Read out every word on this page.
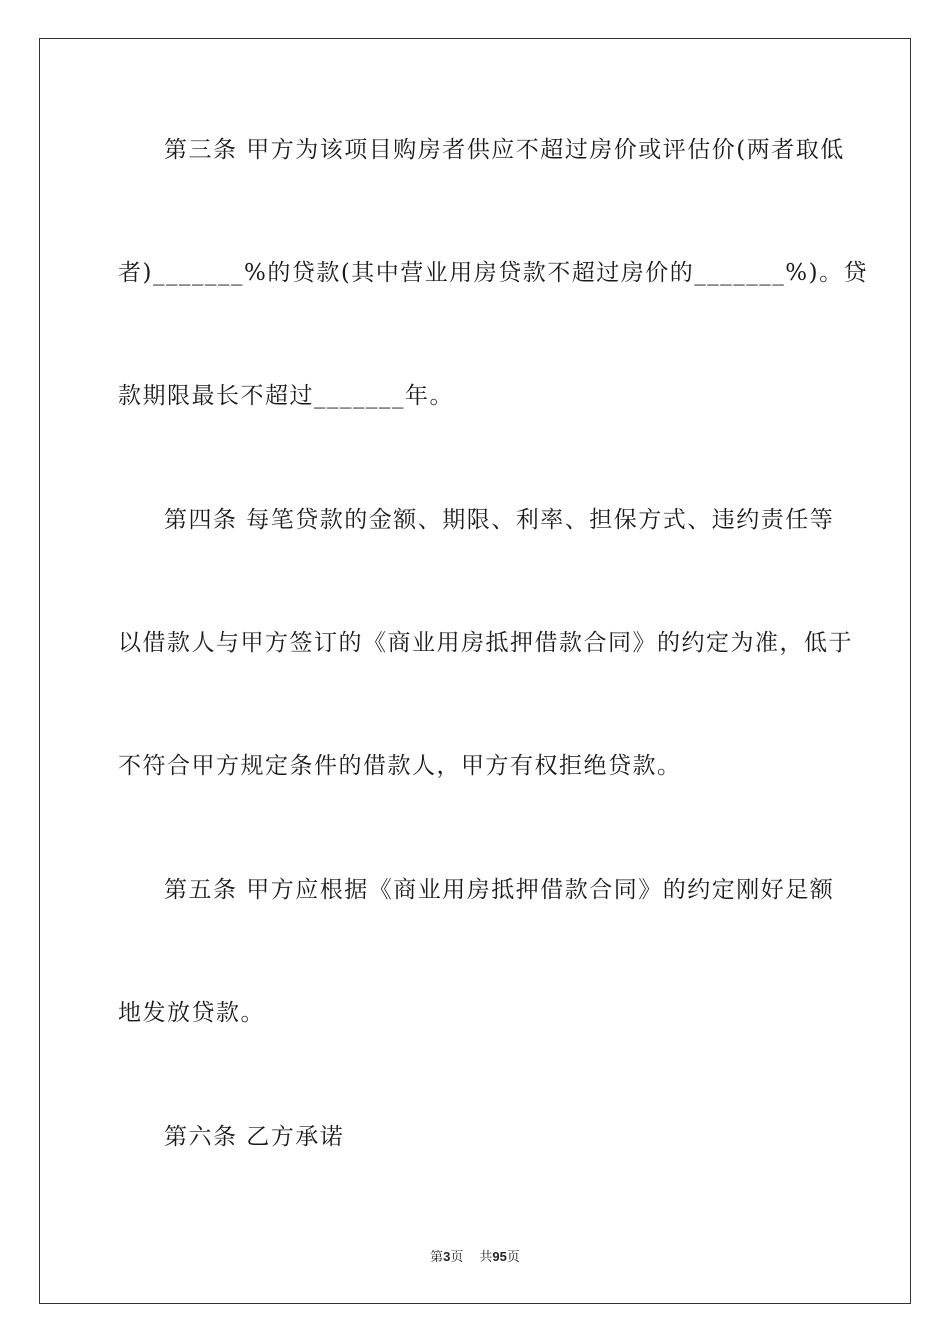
第三条 甲方为该项目购房者供应不超过房价或评估价(两者取低
者)_______%的贷款(其中营业用房贷款不超过房价的_______%)。贷
款期限最长不超过_______年。
第四条 每笔贷款的金额、期限、利率、担保方式、违约责任等
以借款人与甲方签订的《商业用房抵押借款合同》的约定为准，低于
不符合甲方规定条件的借款人，甲方有权拒绝贷款。
第五条 甲方应根据《商业用房抵押借款合同》的约定刚好足额
地发放贷款。
第六条 乙方承诺
第3页 共95页
